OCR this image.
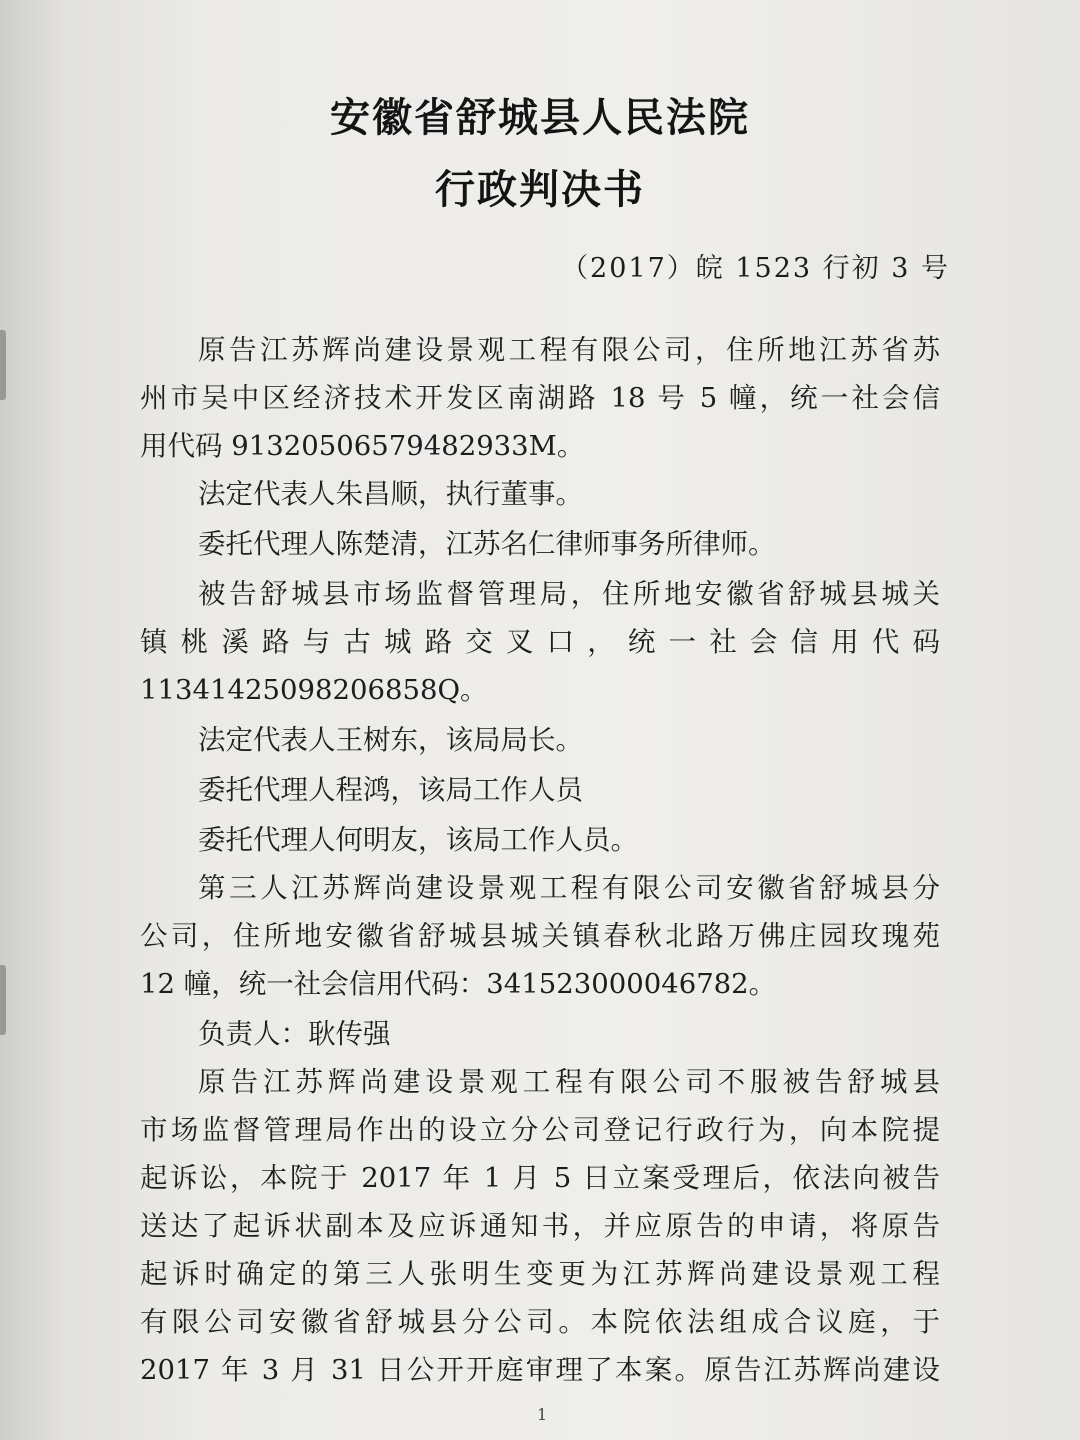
安徽省舒城县人民法院
行政判决书
（2017）皖 1523 行初 3 号
原告江苏辉尚建设景观工程有限公司，住所地江苏省苏
州市吴中区经济技术开发区南湖路 18 号 5 幢，统一社会信
用代码 91320506579482933M。
法定代表人朱昌顺，执行董事。
委托代理人陈楚清，江苏名仁律师事务所律师。
被告舒城县市场监督管理局，住所地安徽省舒城县城关
镇桃溪路与古城路交叉口，统一社会信用代码
11341425098206858Q。
法定代表人王树东，该局局长。
委托代理人程鸿，该局工作人员
委托代理人何明友，该局工作人员。
第三人江苏辉尚建设景观工程有限公司安徽省舒城县分
公司，住所地安徽省舒城县城关镇春秋北路万佛庄园玫瑰苑
12 幢，统一社会信用代码：341523000046782。
负责人：耿传强
原告江苏辉尚建设景观工程有限公司不服被告舒城县
市场监督管理局作出的设立分公司登记行政行为，向本院提
起诉讼，本院于 2017 年 1 月 5 日立案受理后，依法向被告
送达了起诉状副本及应诉通知书，并应原告的申请，将原告
起诉时确定的第三人张明生变更为江苏辉尚建设景观工程
有限公司安徽省舒城县分公司。本院依法组成合议庭，于
2017 年 3 月 31 日公开开庭审理了本案。原告江苏辉尚建设
1
